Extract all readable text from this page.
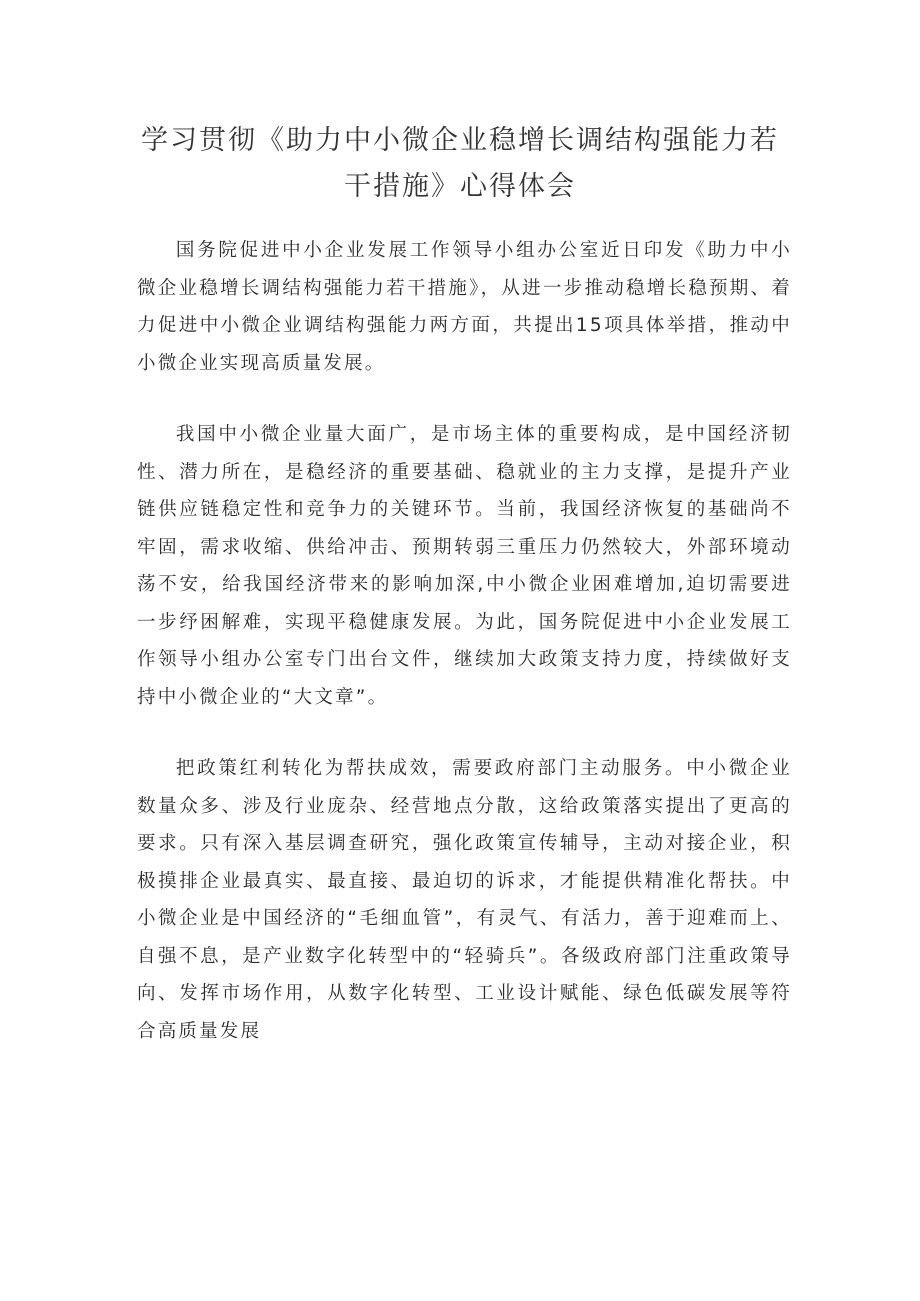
学习贯彻《助力中小微企业稳增长调结构强能力若
干措施》心得体会

国务院促进中小企业发展工作领导小组办公室近日印发《助力中小微企业稳增长调结构强能力若干措施》，从进一步推动稳增长稳预期、着力促进中小微企业调结构强能力两方面，共提出15项具体举措，推动中小微企业实现高质量发展。

我国中小微企业量大面广，是市场主体的重要构成，是中国经济韧性、潜力所在，是稳经济的重要基础、稳就业的主力支撑，是提升产业链供应链稳定性和竞争力的关键环节。当前，我国经济恢复的基础尚不牢固，需求收缩、供给冲击、预期转弱三重压力仍然较大，外部环境动荡不安，给我国经济带来的影响加深,中小微企业困难增加,迫切需要进一步纾困解难，实现平稳健康发展。为此，国务院促进中小企业发展工作领导小组办公室专门出台文件，继续加大政策支持力度，持续做好支持中小微企业的“大文章”。

把政策红利转化为帮扶成效，需要政府部门主动服务。中小微企业数量众多、涉及行业庞杂、经营地点分散，这给政策落实提出了更高的要求。只有深入基层调查研究，强化政策宣传辅导，主动对接企业，积极摸排企业最真实、最直接、最迫切的诉求，才能提供精准化帮扶。中小微企业是中国经济的“毛细血管”，有灵气、有活力，善于迎难而上、自强不息，是产业数字化转型中的“轻骑兵”。各级政府部门注重政策导向、发挥市场作用，从数字化转型、工业设计赋能、绿色低碳发展等符合高质量发展
